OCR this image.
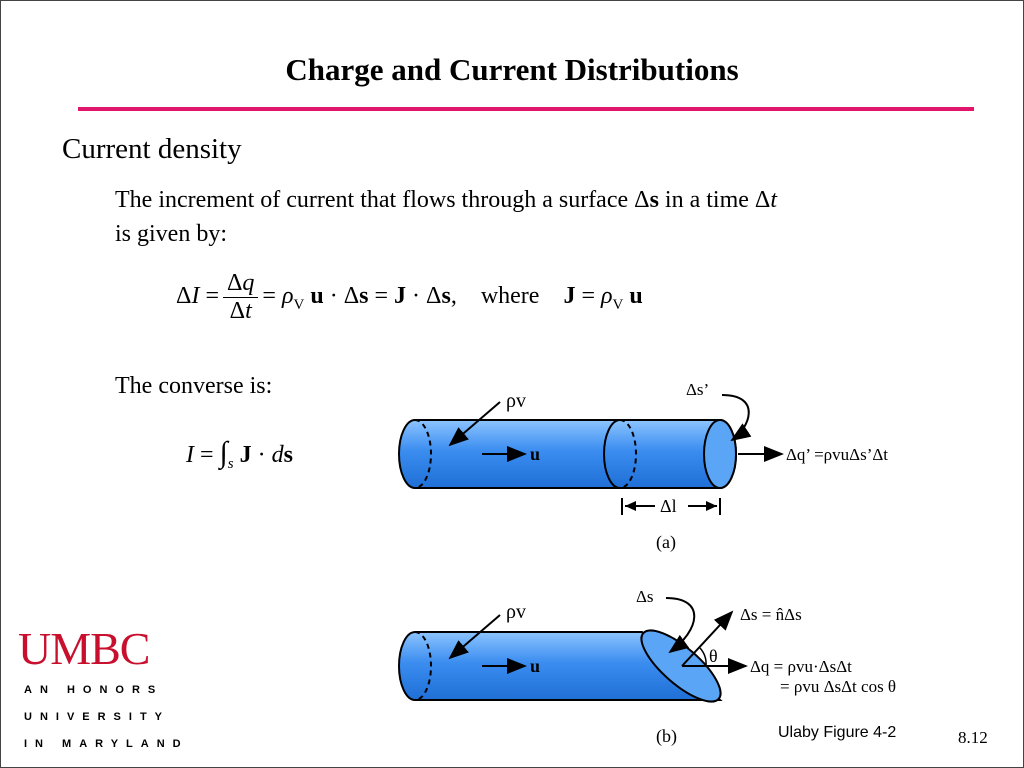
Charge and Current Distributions
Current density
The increment of current that flows through a surface Δs in a time Δt
is given by:
$\Delta I = \frac{\Delta q}{\Delta t} = \rho_V$ u · Δs = J · Δs,    where    $J = \rho_V$ u
The converse is:
$I = \int_s$ J · ds
ρv
u
Δs’
Δq’ =ρvuΔs’Δt
Δl
(a)
ρv
u
Δs
Δs = n̂Δs
θ
Δq = ρvu·ΔsΔt
= ρvu ΔsΔt cos θ
(b)
UMBC
AN HONORS
UNIVERSITY
IN MARYLAND
Ulaby Figure 4-2	8.12
